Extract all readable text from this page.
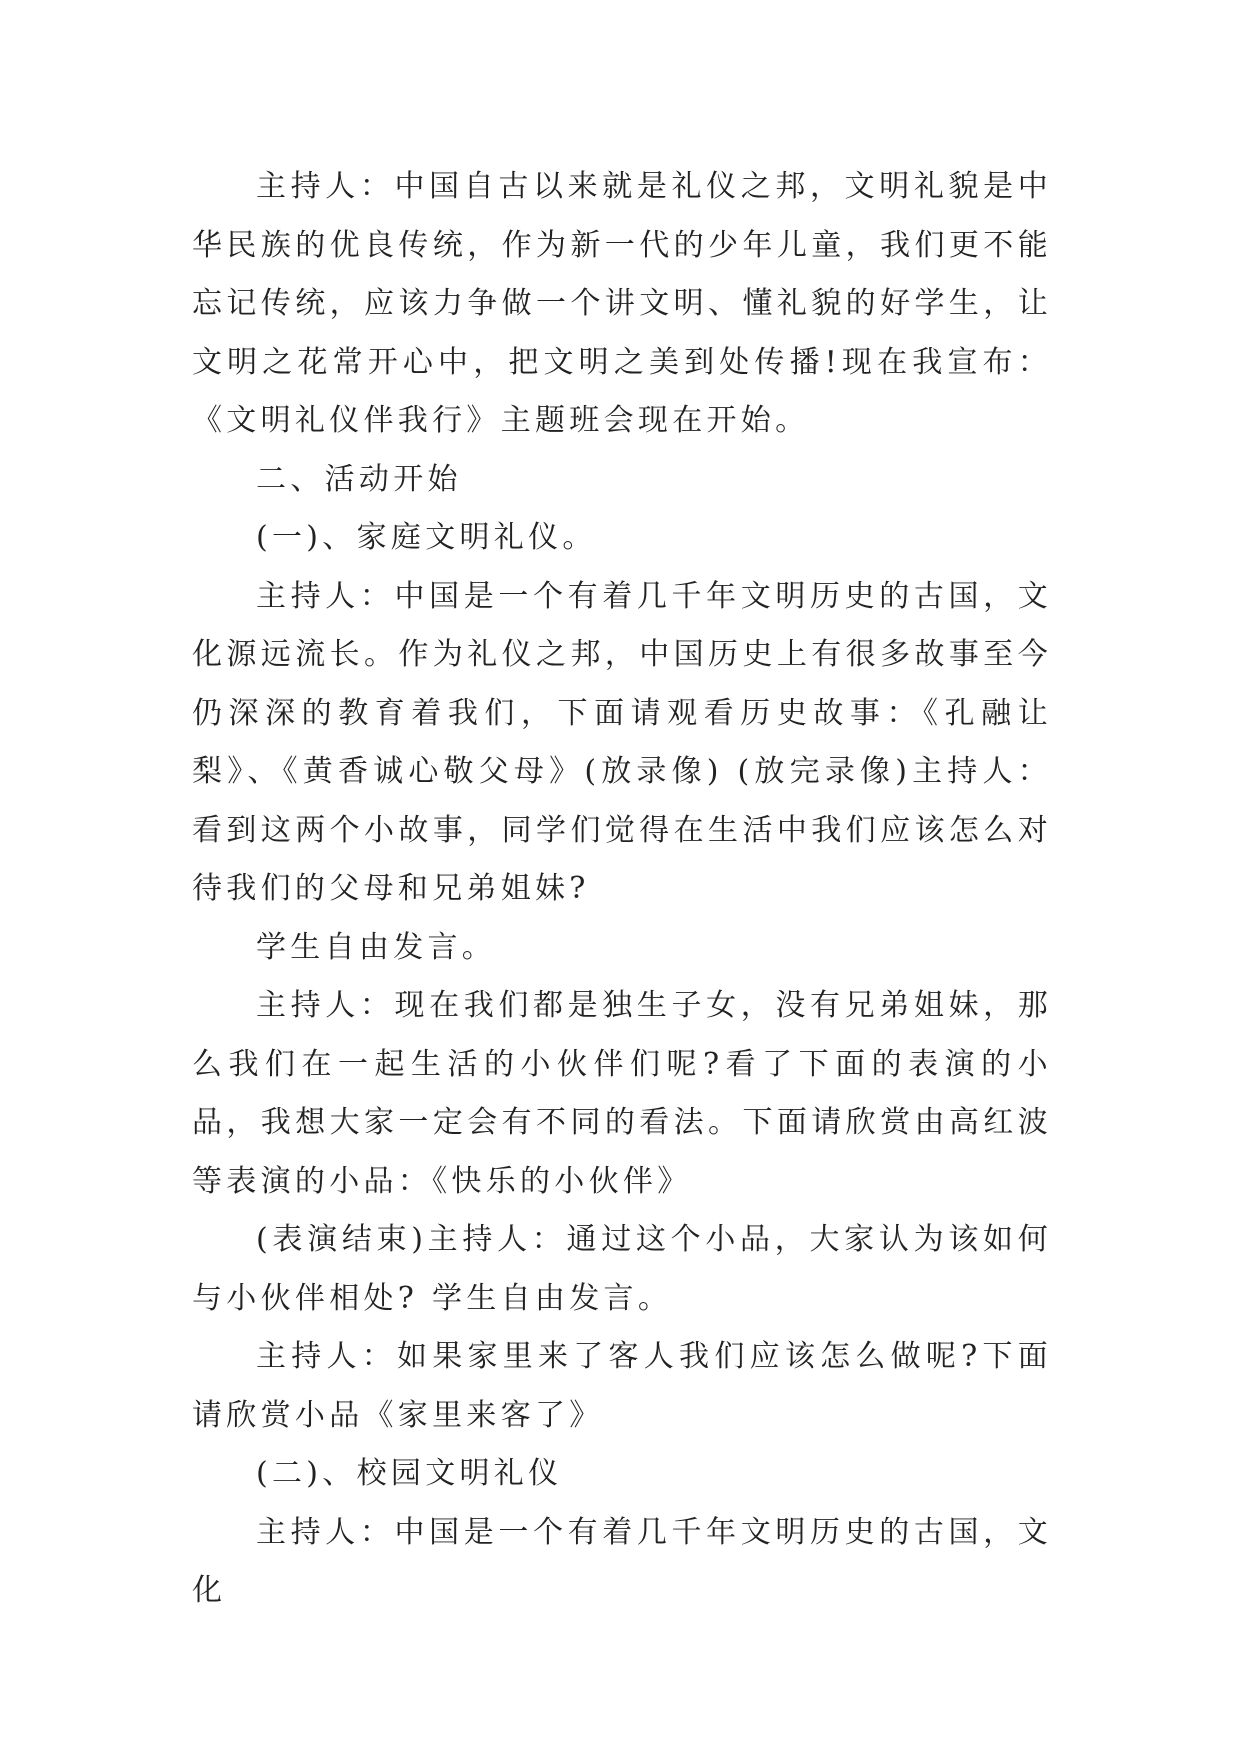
主持人：中国自古以来就是礼仪之邦，文明礼貌是中华民族的优良传统，作为新一代的少年儿童，我们更不能忘记传统，应该力争做一个讲文明、懂礼貌的好学生，让文明之花常开心中，把文明之美到处传播!现在我宣布：《文明礼仪伴我行》主题班会现在开始。

二、活动开始

(一)、家庭文明礼仪。

主持人：中国是一个有着几千年文明历史的古国，文化源远流长。作为礼仪之邦，中国历史上有很多故事至今仍深深的教育着我们，下面请观看历史故事：《孔融让梨》、《黄香诚心敬父母》(放录像) (放完录像)主持人：看到这两个小故事，同学们觉得在生活中我们应该怎么对待我们的父母和兄弟姐妹?

学生自由发言。

主持人：现在我们都是独生子女，没有兄弟姐妹，那么我们在一起生活的小伙伴们呢?看了下面的表演的小品，我想大家一定会有不同的看法。下面请欣赏由高红波等表演的小品：《快乐的小伙伴》

(表演结束)主持人：通过这个小品，大家认为该如何与小伙伴相处? 学生自由发言。

主持人：如果家里来了客人我们应该怎么做呢?下面请欣赏小品《家里来客了》

(二)、校园文明礼仪

主持人：中国是一个有着几千年文明历史的古国，文化
